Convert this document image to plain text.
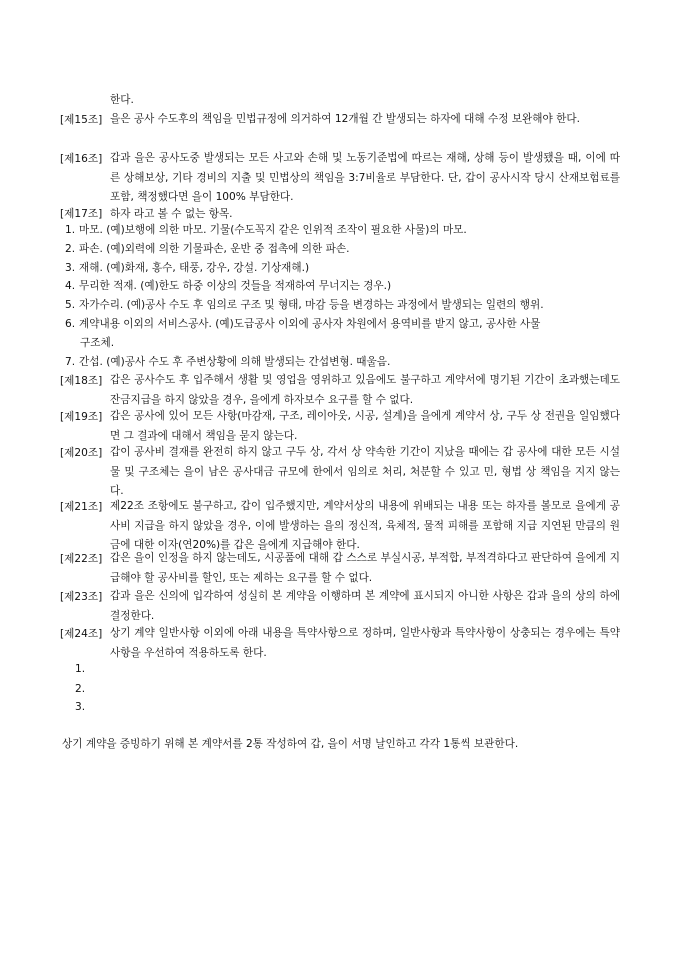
한다.
[제15조] 을은 공사 수도후의 책임을 민법규정에 의거하여 12개월 간 발생되는 하자에 대해 수정 보완해야 한다.
[제16조] 갑과 을은 공사도중 발생되는 모든 사고와 손해 및 노동기준법에 따르는 재해, 상해 등이 발생됐을 때, 이에 따른 상해보상, 기타 경비의 지출 및 민법상의 책임을 3:7비율로 부담한다. 단, 갑이 공사시작 당시 산재보험료를 포함, 책정했다면 을이 100% 부담한다.
[제17조] 하자 라고 볼 수 없는 항목.
1. 마모. (예)보행에 의한 마모. 기물(수도꼭지 같은 인위적 조작이 필요한 사물)의 마모.
2. 파손. (예)외력에 의한 기물파손, 운반 중 접촉에 의한 파손.
3. 재해. (예)화재, 홍수, 태풍, 강우, 강설. 기상재해.)
4. 무리한 적재. (예)한도 하중 이상의 것들을 적재하여 무너지는 경우.)
5. 자가수리. (예)공사 수도 후 임의로 구조 및 형태, 마감 등을 변경하는 과정에서 발생되는 일련의 행위.
6. 계약내용 이외의 서비스공사. (예)도급공사 이외에 공사자 차원에서 용역비를 받지 않고, 공사한 사물
구조체.
7. 간섭. (예)공사 수도 후 주변상황에 의해 발생되는 간섭변형. 때울음.
[제18조] 갑은 공사수도 후 입주해서 생활 및 영업을 영위하고 있음에도 불구하고 계약서에 명기된 기간이 초과했는데도 잔금지급을 하지 않았을 경우, 을에게 하자보수 요구를 할 수 없다.
[제19조] 갑은 공사에 있어 모든 사항(마감재, 구조, 레이아웃, 시공, 설계)을 을에게 계약서 상, 구두 상 전권을 일임했다면 그 결과에 대해서 책임을 묻지 않는다.
[제20조] 갑이 공사비 결재를 완전히 하지 않고 구두 상, 각서 상 약속한 기간이 지났을 때에는 갑 공사에 대한 모든 시설물 및 구조체는 을이 남은 공사대금 규모에 한에서 임의로 처리, 처분할 수 있고 민, 형법 상 책임을 지지 않는다.
[제21조] 제22조 조항에도 불구하고, 갑이 입주했지만, 계약서상의 내용에 위배되는 내용 또는 하자를 볼모로 을에게 공사비 지급을 하지 않았을 경우, 이에 발생하는 을의 정신적, 육체적, 물적 피해를 포함해 지급 지연된 만큼의 원금에 대한 이자(연20%)를 갑은 을에게 지급해야 한다.
[제22조] 갑은 을이 인정을 하지 않는데도, 시공품에 대해 갑 스스로 부실시공, 부적합, 부적격하다고 판단하여 을에게 지급해야 할 공사비를 할인, 또는 제하는 요구를 할 수 없다.
[제23조] 갑과 을은 신의에 입각하여 성실히 본 계약을 이행하며 본 계약에 표시되지 아니한 사항은 갑과 을의 상의 하에 결정한다.
[제24조] 상기 계약 일반사항 이외에 아래 내용을 특약사항으로 정하며, 일반사항과 특약사항이 상충되는 경우에는 특약사항을 우선하여 적용하도록 한다.
1.
2.
3.
상기 계약을 증빙하기 위해 본 계약서를 2통 작성하여 갑, 을이 서명 날인하고 각각 1통씩 보관한다.
